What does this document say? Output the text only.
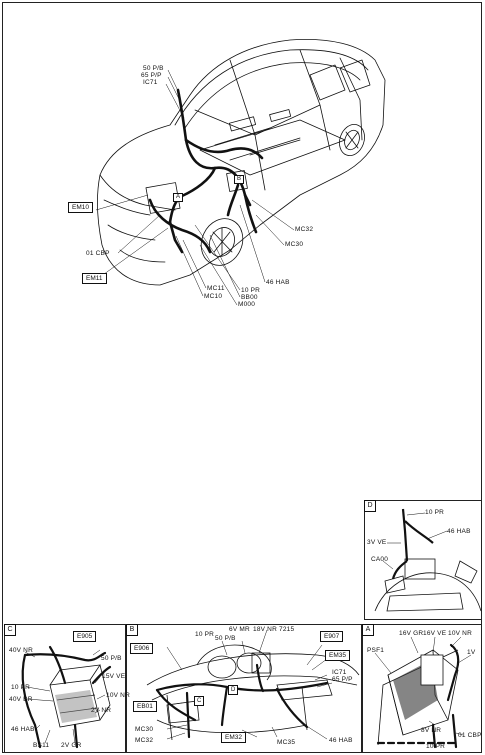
50 P/B
65 P/P
IC71
EM10
01 CBP
EM11
MC32
MC30
46 HAB
MC11	10 PR
MC10	BB00
M000
A
B
D
10 PR
46 HAB
3V VE
CA00
C
E905
40V NR
50 P/B
15V VE
10 PR
40V BR
10V NR
2V NR
46 HAB
BS11 2V GR
B
E906
6V MR 18V NR 7215
10 PR
50 P/B	E907
EM35
IC71
65 P/P
EB01
C
D
MC30
MC32	EM32
MC35	46 HAB
A
16V GR 16V VE 10V NR
PSF1	1V
8V NR
01 CBP
10 PR
